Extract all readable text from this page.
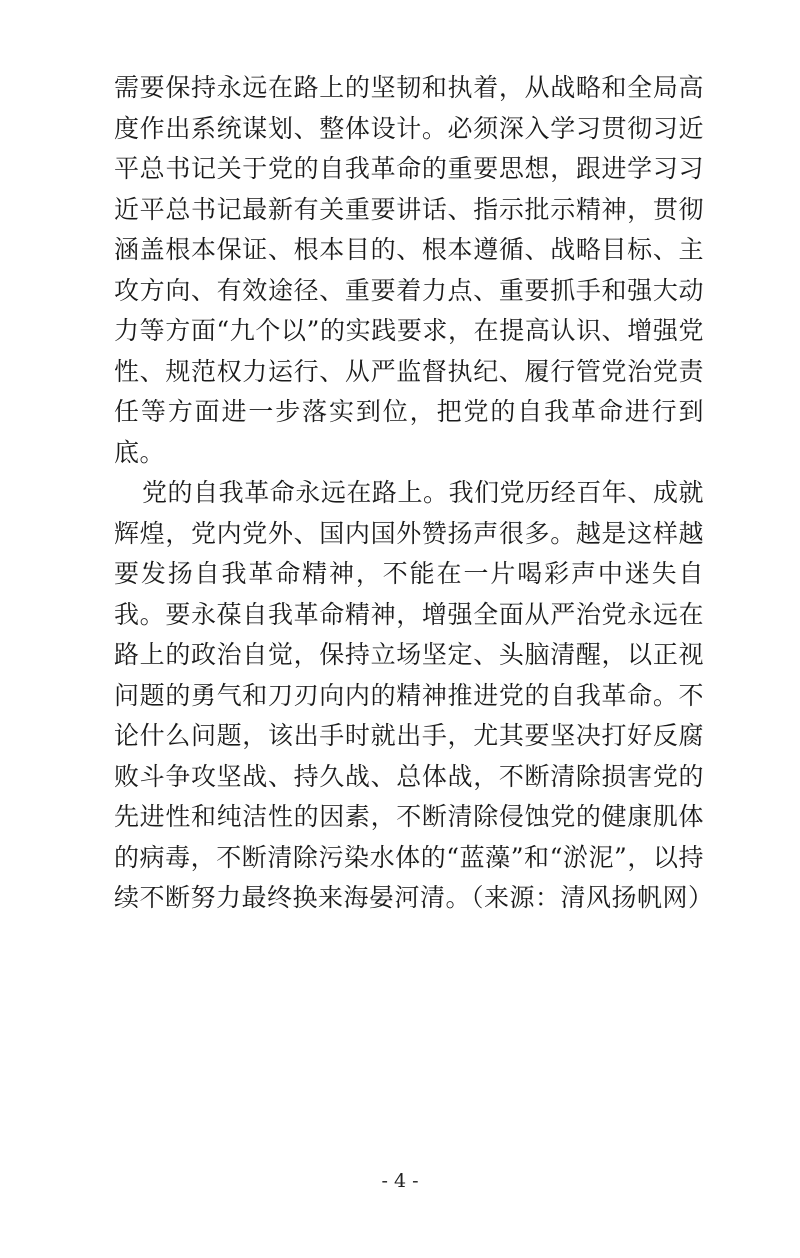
需要保持永远在路上的坚韧和执着，从战略和全局高度作出系统谋划、整体设计。必须深入学习贯彻习近平总书记关于党的自我革命的重要思想，跟进学习习近平总书记最新有关重要讲话、指示批示精神，贯彻涵盖根本保证、根本目的、根本遵循、战略目标、主攻方向、有效途径、重要着力点、重要抓手和强大动力等方面“九个以”的实践要求，在提高认识、增强党性、规范权力运行、从严监督执纪、履行管党治党责任等方面进一步落实到位，把党的自我革命进行到底。

党的自我革命永远在路上。我们党历经百年、成就辉煌，党内党外、国内国外赞扬声很多。越是这样越要发扬自我革命精神，不能在一片喝彩声中迷失自我。要永葆自我革命精神，增强全面从严治党永远在路上的政治自觉，保持立场坚定、头脑清醒，以正视问题的勇气和刀刃向内的精神推进党的自我革命。不论什么问题，该出手时就出手，尤其要坚决打好反腐败斗争攻坚战、持久战、总体战，不断清除损害党的先进性和纯洁性的因素，不断清除侵蚀党的健康肌体的病毒，不断清除污染水体的“蓝藻”和“淤泥”，以持续不断努力最终换来海晏河清。（来源：清风扬帆网）

- 4 -
